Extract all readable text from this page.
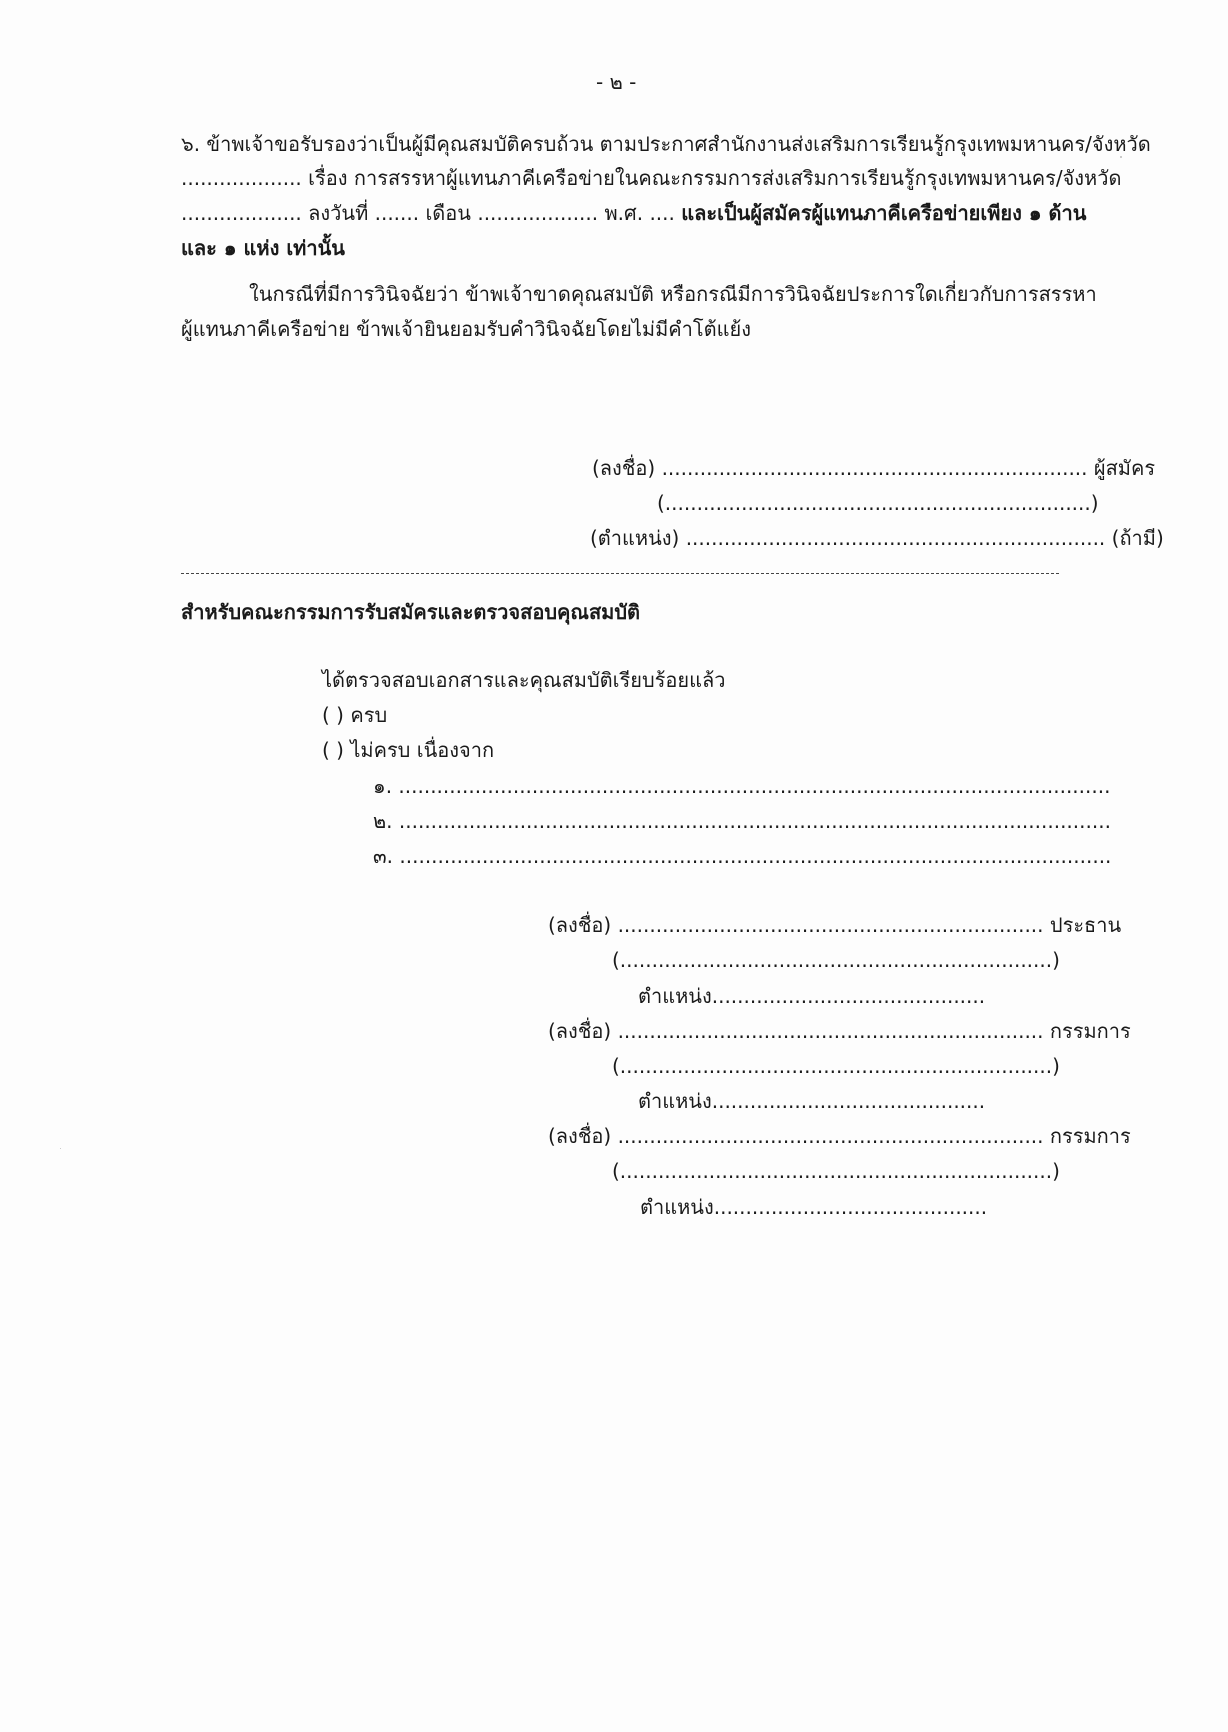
- ๒ -
๖. ข้าพเจ้าขอรับรองว่าเป็นผู้มีคุณสมบัติครบถ้วน ตามประกาศสำนักงานส่งเสริมการเรียนรู้กรุงเทพมหานคร/จังหวัด
................... เรื่อง การสรรหาผู้แทนภาคีเครือข่ายในคณะกรรมการส่งเสริมการเรียนรู้กรุงเทพมหานคร/จังหวัด
................... ลงวันที่ ....... เดือน ................... พ.ศ. .... และเป็นผู้สมัครผู้แทนภาคีเครือข่ายเพียง ๑ ด้าน
และ ๑ แห่ง เท่านั้น
ในกรณีที่มีการวินิจฉัยว่า ข้าพเจ้าขาดคุณสมบัติ หรือกรณีมีการวินิจฉัยประการใดเกี่ยวกับการสรรหา
ผู้แทนภาคีเครือข่าย ข้าพเจ้ายินยอมรับคำวินิจฉัยโดยไม่มีคำโต้แย้ง
(ลงชื่อ) ................................................................... ผู้สมัคร
(...................................................................)
(ตำแหน่ง) .................................................................. (ถ้ามี)
สำหรับคณะกรรมการรับสมัครและตรวจสอบคุณสมบัติ
ได้ตรวจสอบเอกสารและคุณสมบัติเรียบร้อยแล้ว
( ) ครบ
( ) ไม่ครบ เนื่องจาก
๑. ................................................................................................................
๒. ................................................................................................................
๓. ................................................................................................................
(ลงชื่อ) ................................................................... ประธาน
(....................................................................)
ตำแหน่ง...........................................
(ลงชื่อ) ................................................................... กรรมการ
(....................................................................)
ตำแหน่ง...........................................
(ลงชื่อ) ................................................................... กรรมการ
(....................................................................)
ตำแหน่ง...........................................
